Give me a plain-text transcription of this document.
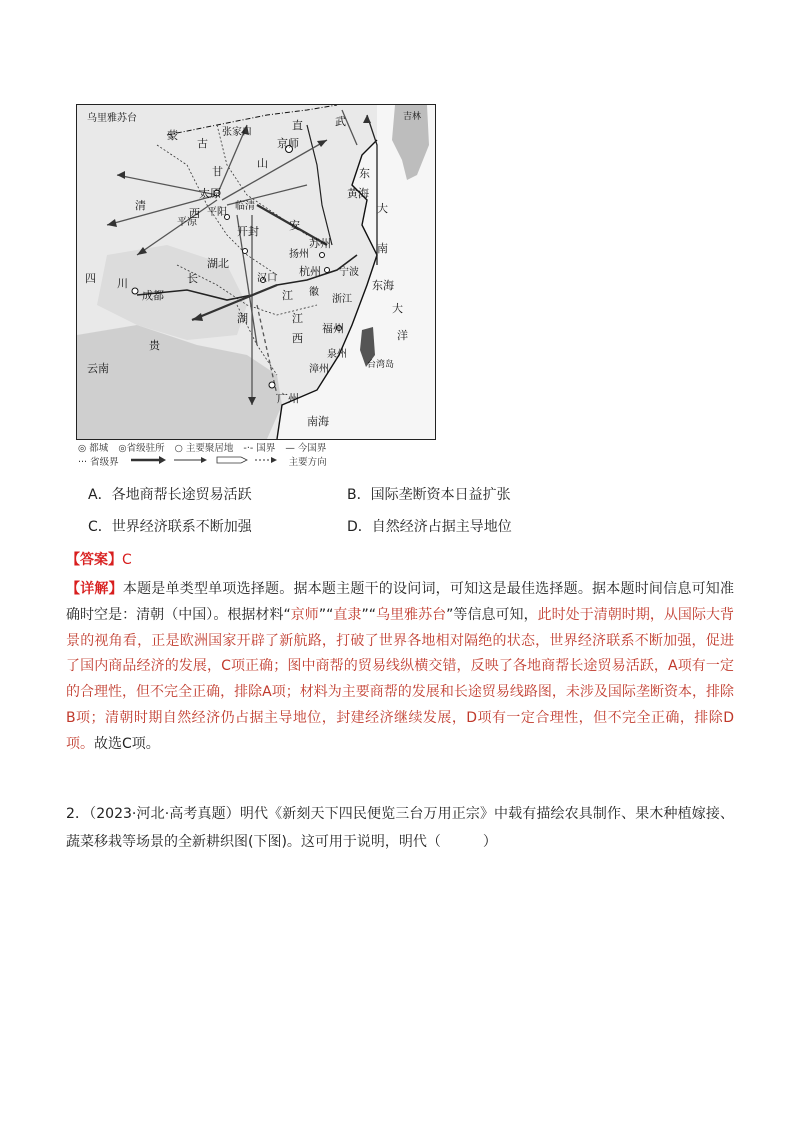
乌里雅苏台
张家口
京师
直	武	吉林
蒙
古
甘
太原
平阳
山
临清
东
黄海
大
清
平凉
西
开封
扬州
苏州
安
杭州 宁波
南
东海
大
洋
四 川
成都
湖北
长	汉口
江 徽
浙江
湖	江
西
福州
泉州
漳州
贵
云南
广州
台湾岛
南海
◎ 都城 ◎省级驻所 ○ 主要聚居地 -·- 国界 — 今国界
··· 省级界	主要方向
A．各地商帮长途贸易活跃	B．国际垄断资本日益扩张
C．世界经济联系不断加强	D．自然经济占据主导地位
【答案】C
【详解】本题是单类型单项选择题。据本题主题干的设问词，可知这是最佳选择题。据本题时间信息可知准确时空是：清朝（中国）。根据材料“京师”“直隶”“乌里雅苏台”等信息可知，此时处于清朝时期，从国际大背景的视角看，正是欧洲国家开辟了新航路，打破了世界各地相对隔绝的状态，世界经济联系不断加强，促进了国内商品经济的发展，C项正确；图中商帮的贸易线纵横交错，反映了各地商帮长途贸易活跃，A项有一定的合理性，但不完全正确，排除A项；材料为主要商帮的发展和长途贸易线路图，未涉及国际垄断资本，排除B项；清朝时期自然经济仍占据主导地位，封建经济继续发展，D项有一定合理性，但不完全正确，排除D项。故选C项。
2．（2023·河北·高考真题）明代《新刻天下四民便览三台万用正宗》中载有描绘农具制作、果木种植嫁接、蔬菜移栽等场景的全新耕织图(下图)。这可用于说明，明代（　　　）
